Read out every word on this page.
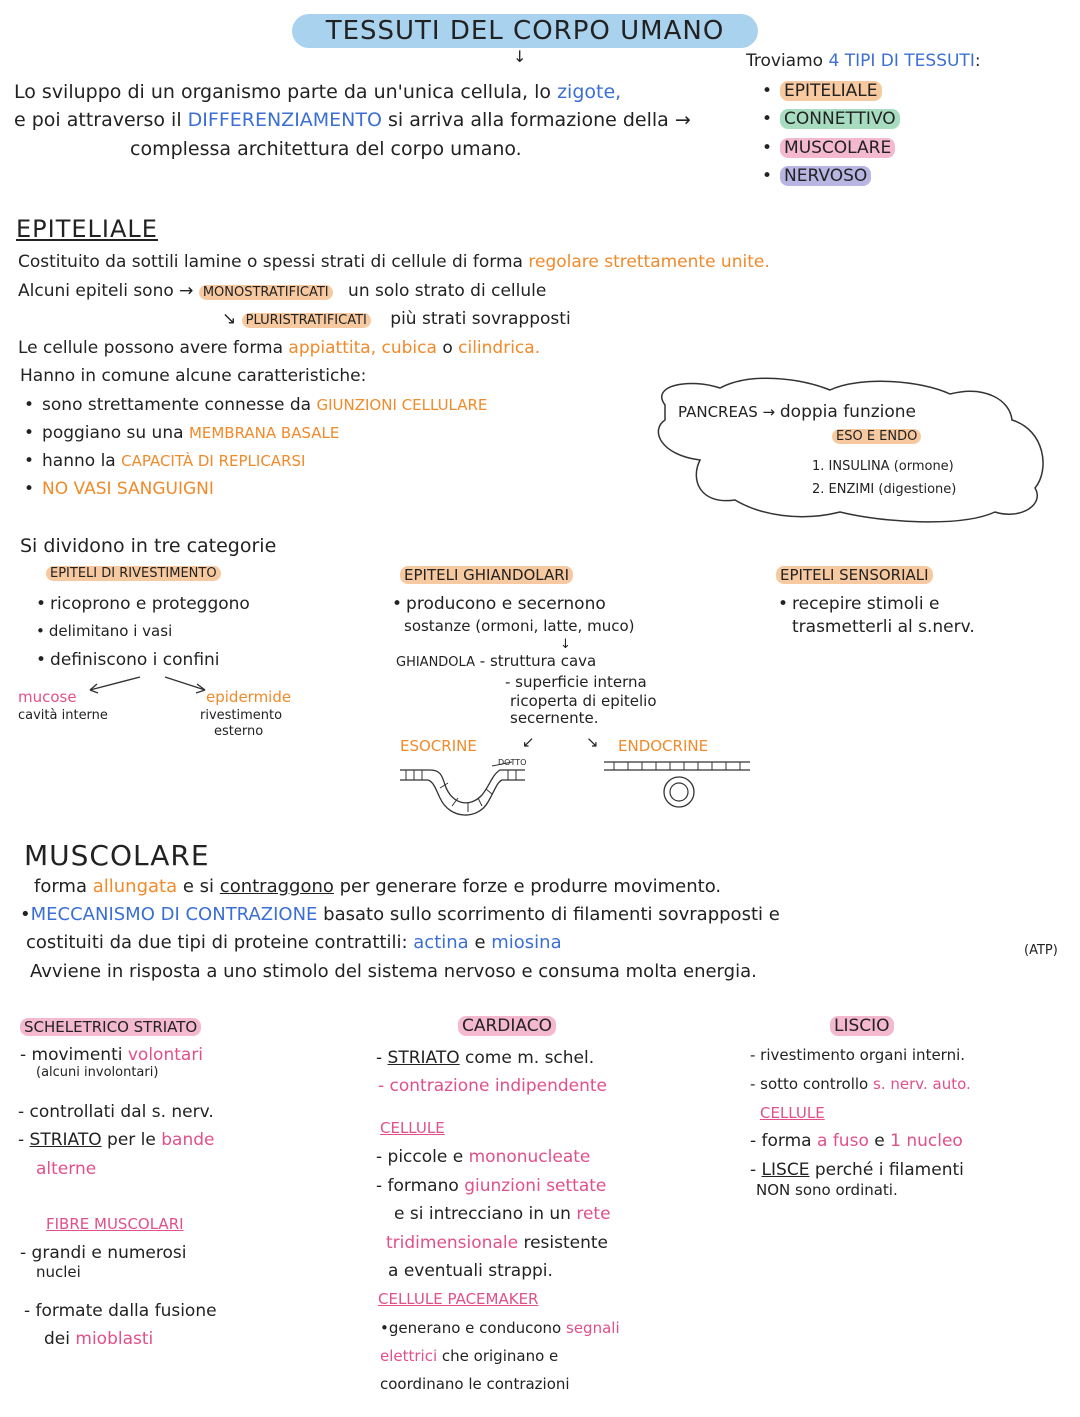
TESSUTI DEL CORPO UMANO
↓
Lo sviluppo di un organismo parte da un'unica cellula, lo zigote,
e poi attraverso il DIFFERENZIAMENTO si arriva alla formazione della →
complessa architettura del corpo umano.
Troviamo 4 TIPI DI TESSUTI:
• EPITELIALE
• CONNETTIVO
• MUSCOLARE
• NERVOSO
EPITELIALE
Costituito da sottili lamine o spessi strati di cellule di forma regolare strettamente unite.
Alcuni epiteli sono → MONOSTRATIFICATI un solo strato di cellule
↘ PLURISTRATIFICATI più strati sovrapposti
Le cellule possono avere forma appiattita, cubica o cilindrica.
Hanno in comune alcune caratteristiche:
• sono strettamente connesse da GIUNZIONI CELLULARE
• poggiano su una MEMBRANA BASALE
• hanno la CAPACITÀ DI REPLICARSI
• NO VASI SANGUIGNI
PANCREAS → doppia funzione
ESO E ENDO
1. INSULINA (ormone)
2. ENZIMI (digestione)
Si dividono in tre categorie
EPITELI DI RIVESTIMENTO
• ricoprono e proteggono
• delimitano i vasi
• definiscono i confini
mucose
cavità interne
epidermide
rivestimento
esterno
EPITELI GHIANDOLARI
• producono e secernono
sostanze (ormoni, latte, muco)
GHIANDOLA - struttura cava
↓
- superficie interna
ricoperta di epitelio
secernente.
ESOCRINE	↙	↘ ENDOCRINE
DOTTO
EPITELI SENSORIALI
• recepire stimoli e
trasmetterli al s.nerv.
MUSCOLARE
forma allungata e si contraggono per generare forze e produrre movimento.
•MECCANISMO DI CONTRAZIONE basato sullo scorrimento di filamenti sovrapposti e
costituiti da due tipi di proteine contrattili: actina e miosina	(ATP)
Avviene in risposta a uno stimolo del sistema nervoso e consuma molta energia.
SCHELETRICO STRIATO
- movimenti volontari
(alcuni involontari)
- controllati dal s. nerv.
- STRIATO per le bande
alterne
FIBRE MUSCOLARI
- grandi e numerosi
nuclei
- formate dalla fusione
dei mioblasti
CARDIACO
- STRIATO come m. schel.
- contrazione indipendente
CELLULE
- piccole e mononucleate
- formano giunzioni settate
e si intrecciano in un rete
tridimensionale resistente
a eventuali strappi.
CELLULE PACEMAKER
•generano e conducono segnali
elettrici che originano e
coordinano le contrazioni
LISCIO
- rivestimento organi interni.
- sotto controllo s. nerv. auto.
CELLULE
- forma a fuso e 1 nucleo
- LISCE perché i filamenti
NON sono ordinati.
